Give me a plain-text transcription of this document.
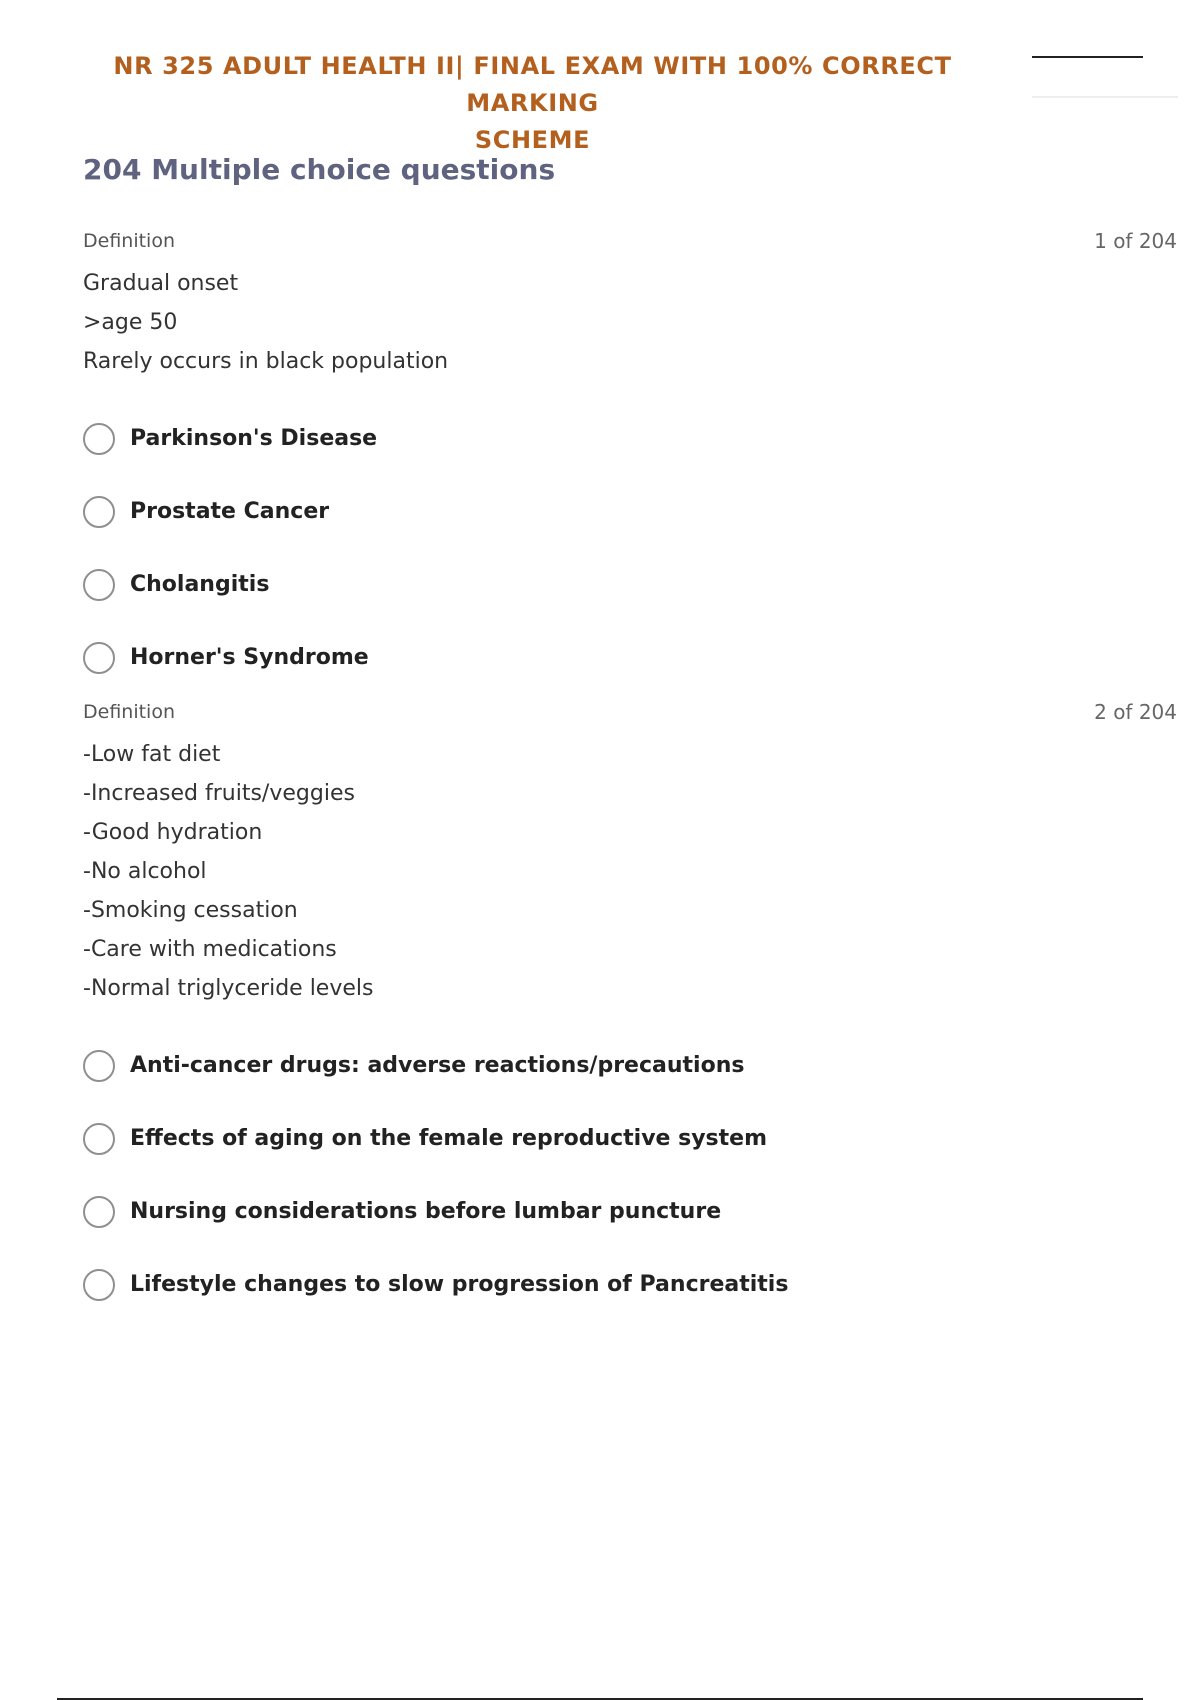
NR 325 ADULT HEALTH II| FINAL EXAM WITH 100% CORRECT MARKING
SCHEME
204 Multiple choice questions
Definition	1 of 204
Gradual onset
>age 50
Rarely occurs in black population
Parkinson's Disease
Prostate Cancer
Cholangitis
Horner's Syndrome
Definition	2 of 204
-Low fat diet
-Increased fruits/veggies
-Good hydration
-No alcohol
-Smoking cessation
-Care with medications
-Normal triglyceride levels
Anti-cancer drugs: adverse reactions/precautions
Effects of aging on the female reproductive system
Nursing considerations before lumbar puncture
Lifestyle changes to slow progression of Pancreatitis
